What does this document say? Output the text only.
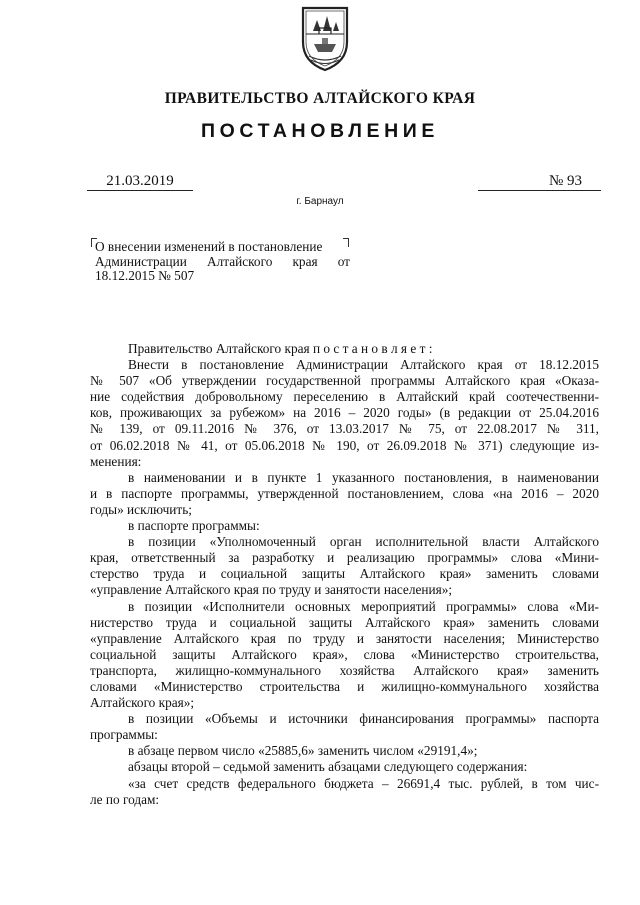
ПРАВИТЕЛЬСТВО АЛТАЙСКОГО КРАЯ
ПОСТАНОВЛЕНИЕ
21.03.2019	№ 93
г. Барнаул
О внесении изменений в постановление
Администрации Алтайского края от
18.12.2015 № 507
Правительство Алтайского края п о с т а н о в л я е т :
Внести в постановление Администрации Алтайского края от 18.12.2015
№ 507 «Об утверждении государственной программы Алтайского края «Оказа-
ние содействия добровольному переселению в Алтайский край соотечественни-
ков, проживающих за рубежом» на 2016 – 2020 годы» (в редакции от 25.04.2016
№ 139, от 09.11.2016 № 376, от 13.03.2017 № 75, от 22.08.2017 № 311,
от 06.02.2018 № 41, от 05.06.2018 № 190, от 26.09.2018 № 371) следующие из-
менения:
в наименовании и в пункте 1 указанного постановления, в наименовании
и в паспорте программы, утвержденной постановлением, слова «на 2016 – 2020
годы» исключить;
в паспорте программы:
в позиции «Уполномоченный орган исполнительной власти Алтайского
края, ответственный за разработку и реализацию программы» слова «Мини-
стерство труда и социальной защиты Алтайского края» заменить словами
«управление Алтайского края по труду и занятости населения»;
в позиции «Исполнители основных мероприятий программы» слова «Ми-
нистерство труда и социальной защиты Алтайского края» заменить словами
«управление Алтайского края по труду и занятости населения; Министерство
социальной защиты Алтайского края», слова «Министерство строительства,
транспорта, жилищно-коммунального хозяйства Алтайского края» заменить
словами «Министерство строительства и жилищно-коммунального хозяйства
Алтайского края»;
в позиции «Объемы и источники финансирования программы» паспорта
программы:
в абзаце первом число «25885,6» заменить числом «29191,4»;
абзацы второй – седьмой заменить абзацами следующего содержания:
«за счет средств федерального бюджета – 26691,4 тыс. рублей, в том чис-
ле по годам:
